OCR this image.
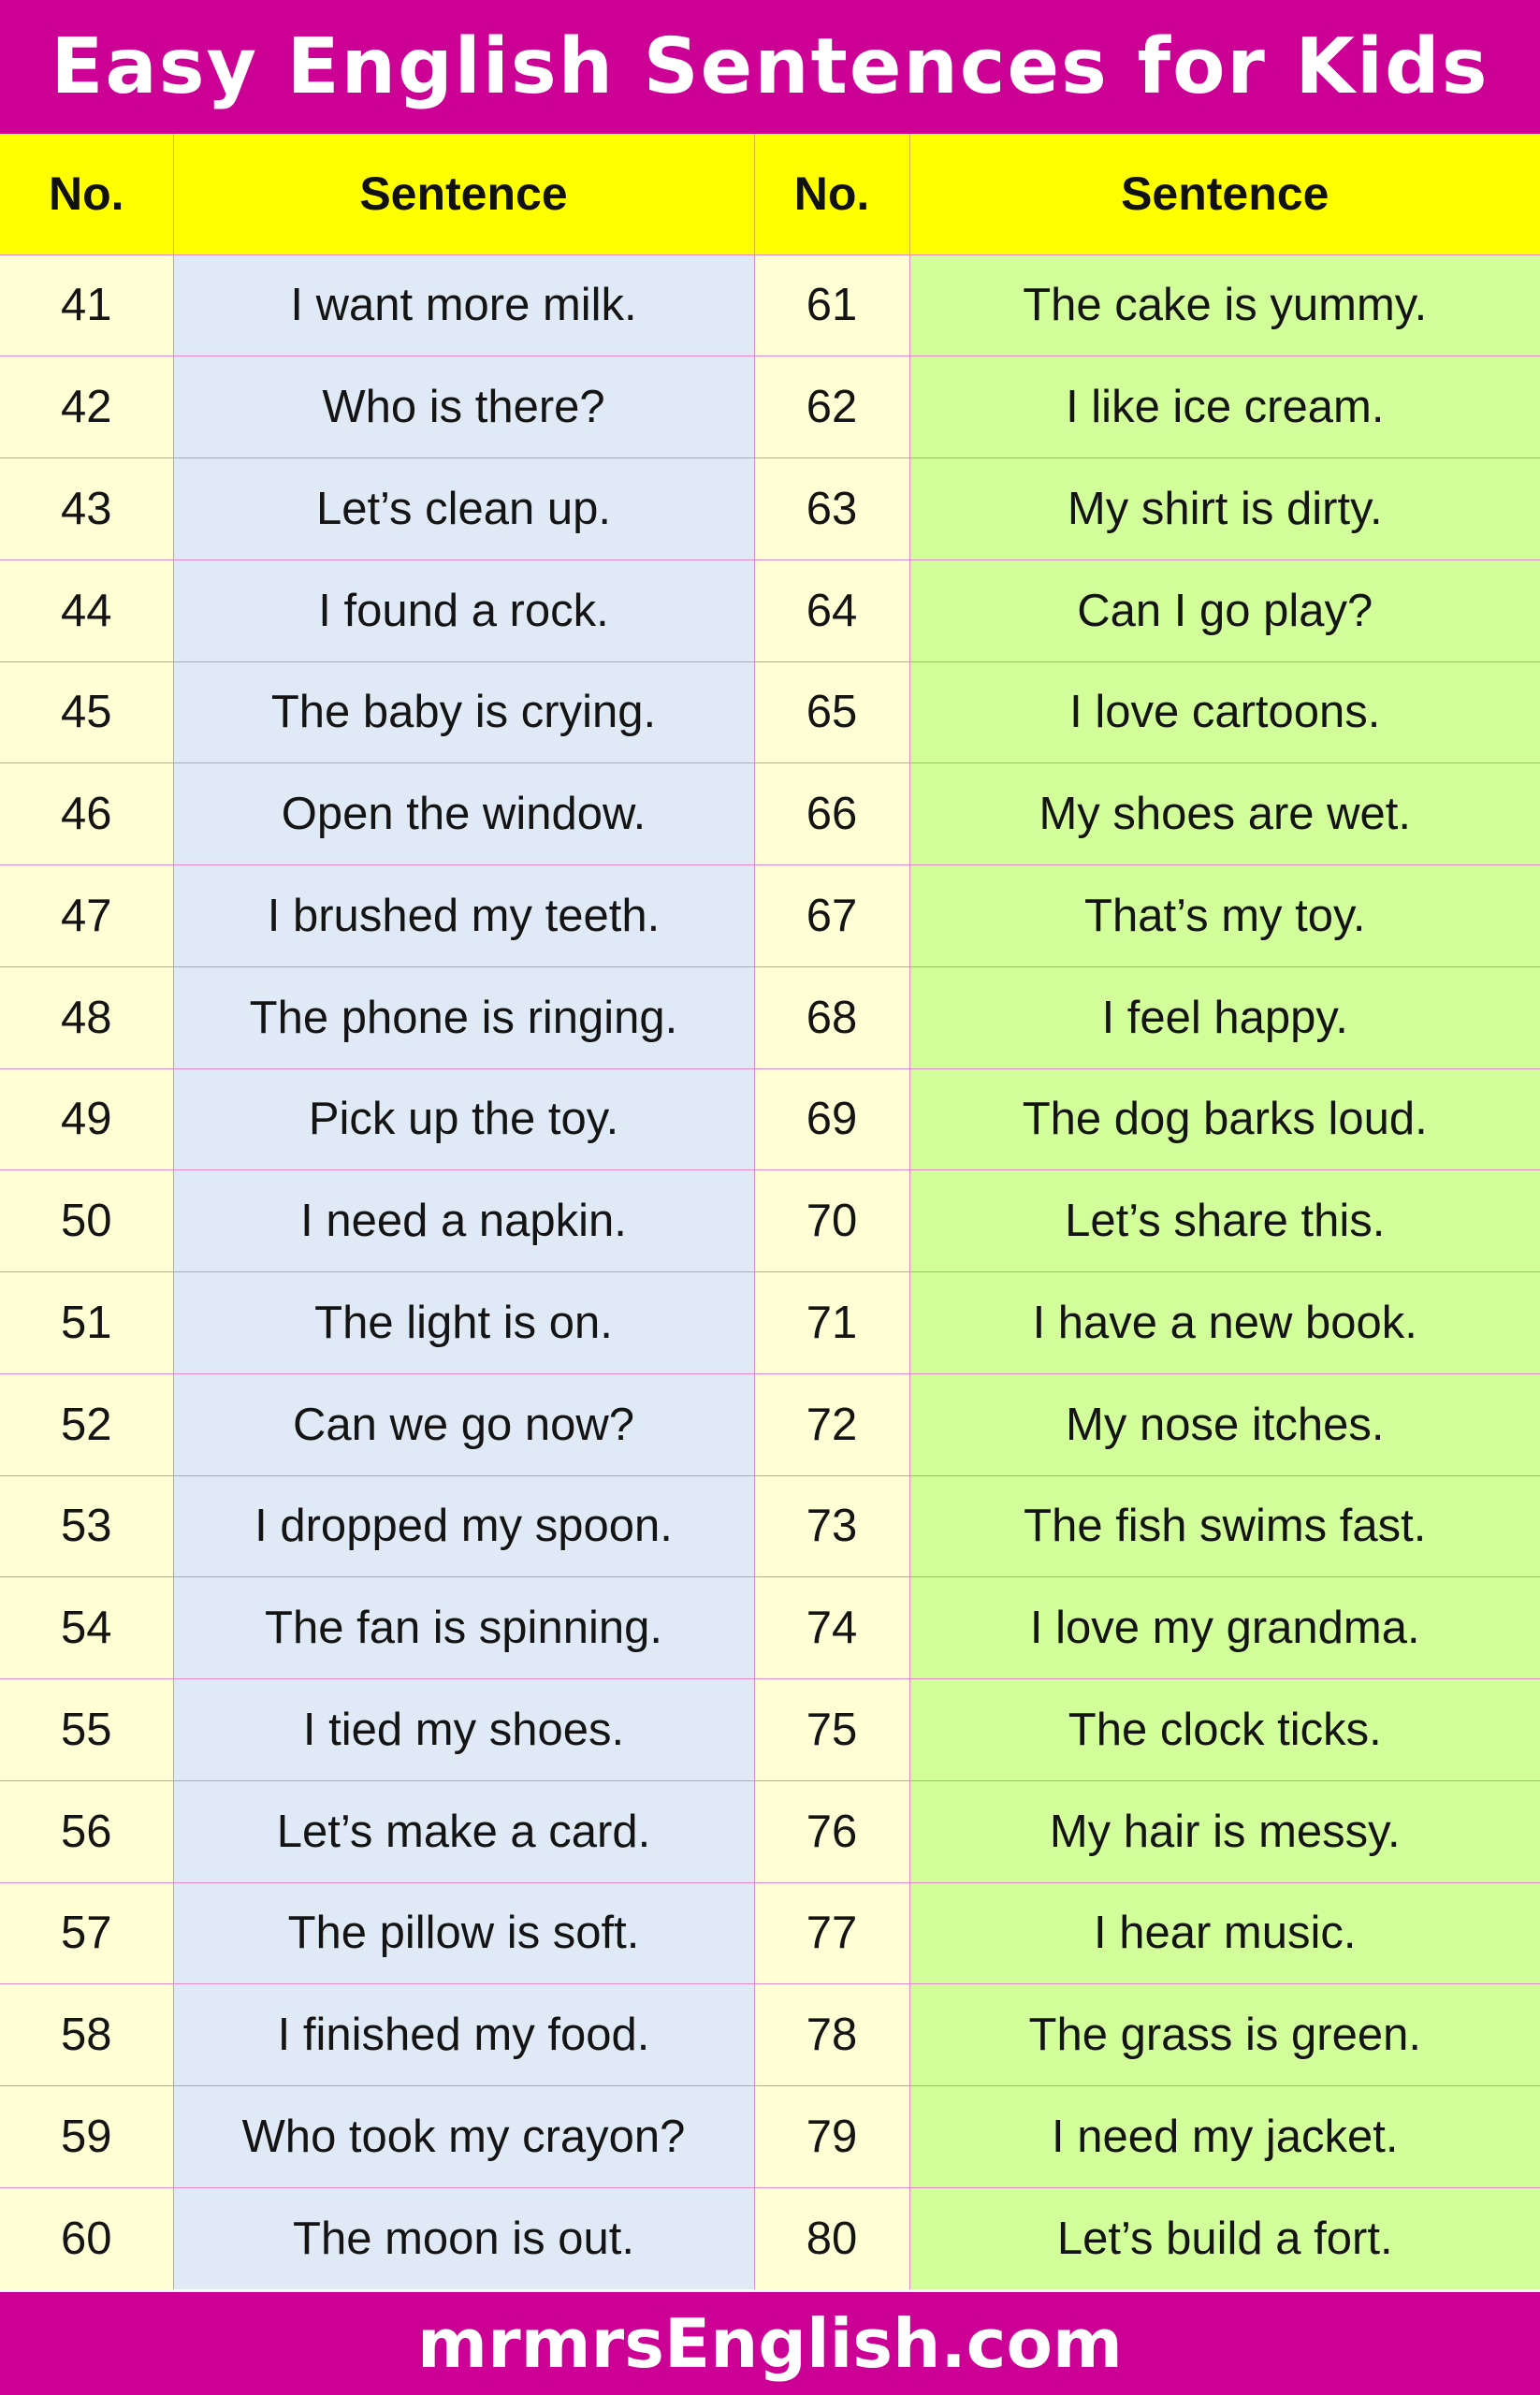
Easy English Sentences for Kids
No.	Sentence	No.	Sentence
41	I want more milk.	61	The cake is yummy.
42	Who is there?	62	I like ice cream.
43	Let’s clean up.	63	My shirt is dirty.
44	I found a rock.	64	Can I go play?
45	The baby is crying.	65	I love cartoons.
46	Open the window.	66	My shoes are wet.
47	I brushed my teeth.	67	That’s my toy.
48	The phone is ringing.	68	I feel happy.
49	Pick up the toy.	69	The dog barks loud.
50	I need a napkin.	70	Let’s share this.
51	The light is on.	71	I have a new book.
52	Can we go now?	72	My nose itches.
53	I dropped my spoon.	73	The fish swims fast.
54	The fan is spinning.	74	I love my grandma.
55	I tied my shoes.	75	The clock ticks.
56	Let’s make a card.	76	My hair is messy.
57	The pillow is soft.	77	I hear music.
58	I finished my food.	78	The grass is green.
59	Who took my crayon?	79	I need my jacket.
60	The moon is out.	80	Let’s build a fort.
mrmrsEnglish.com
